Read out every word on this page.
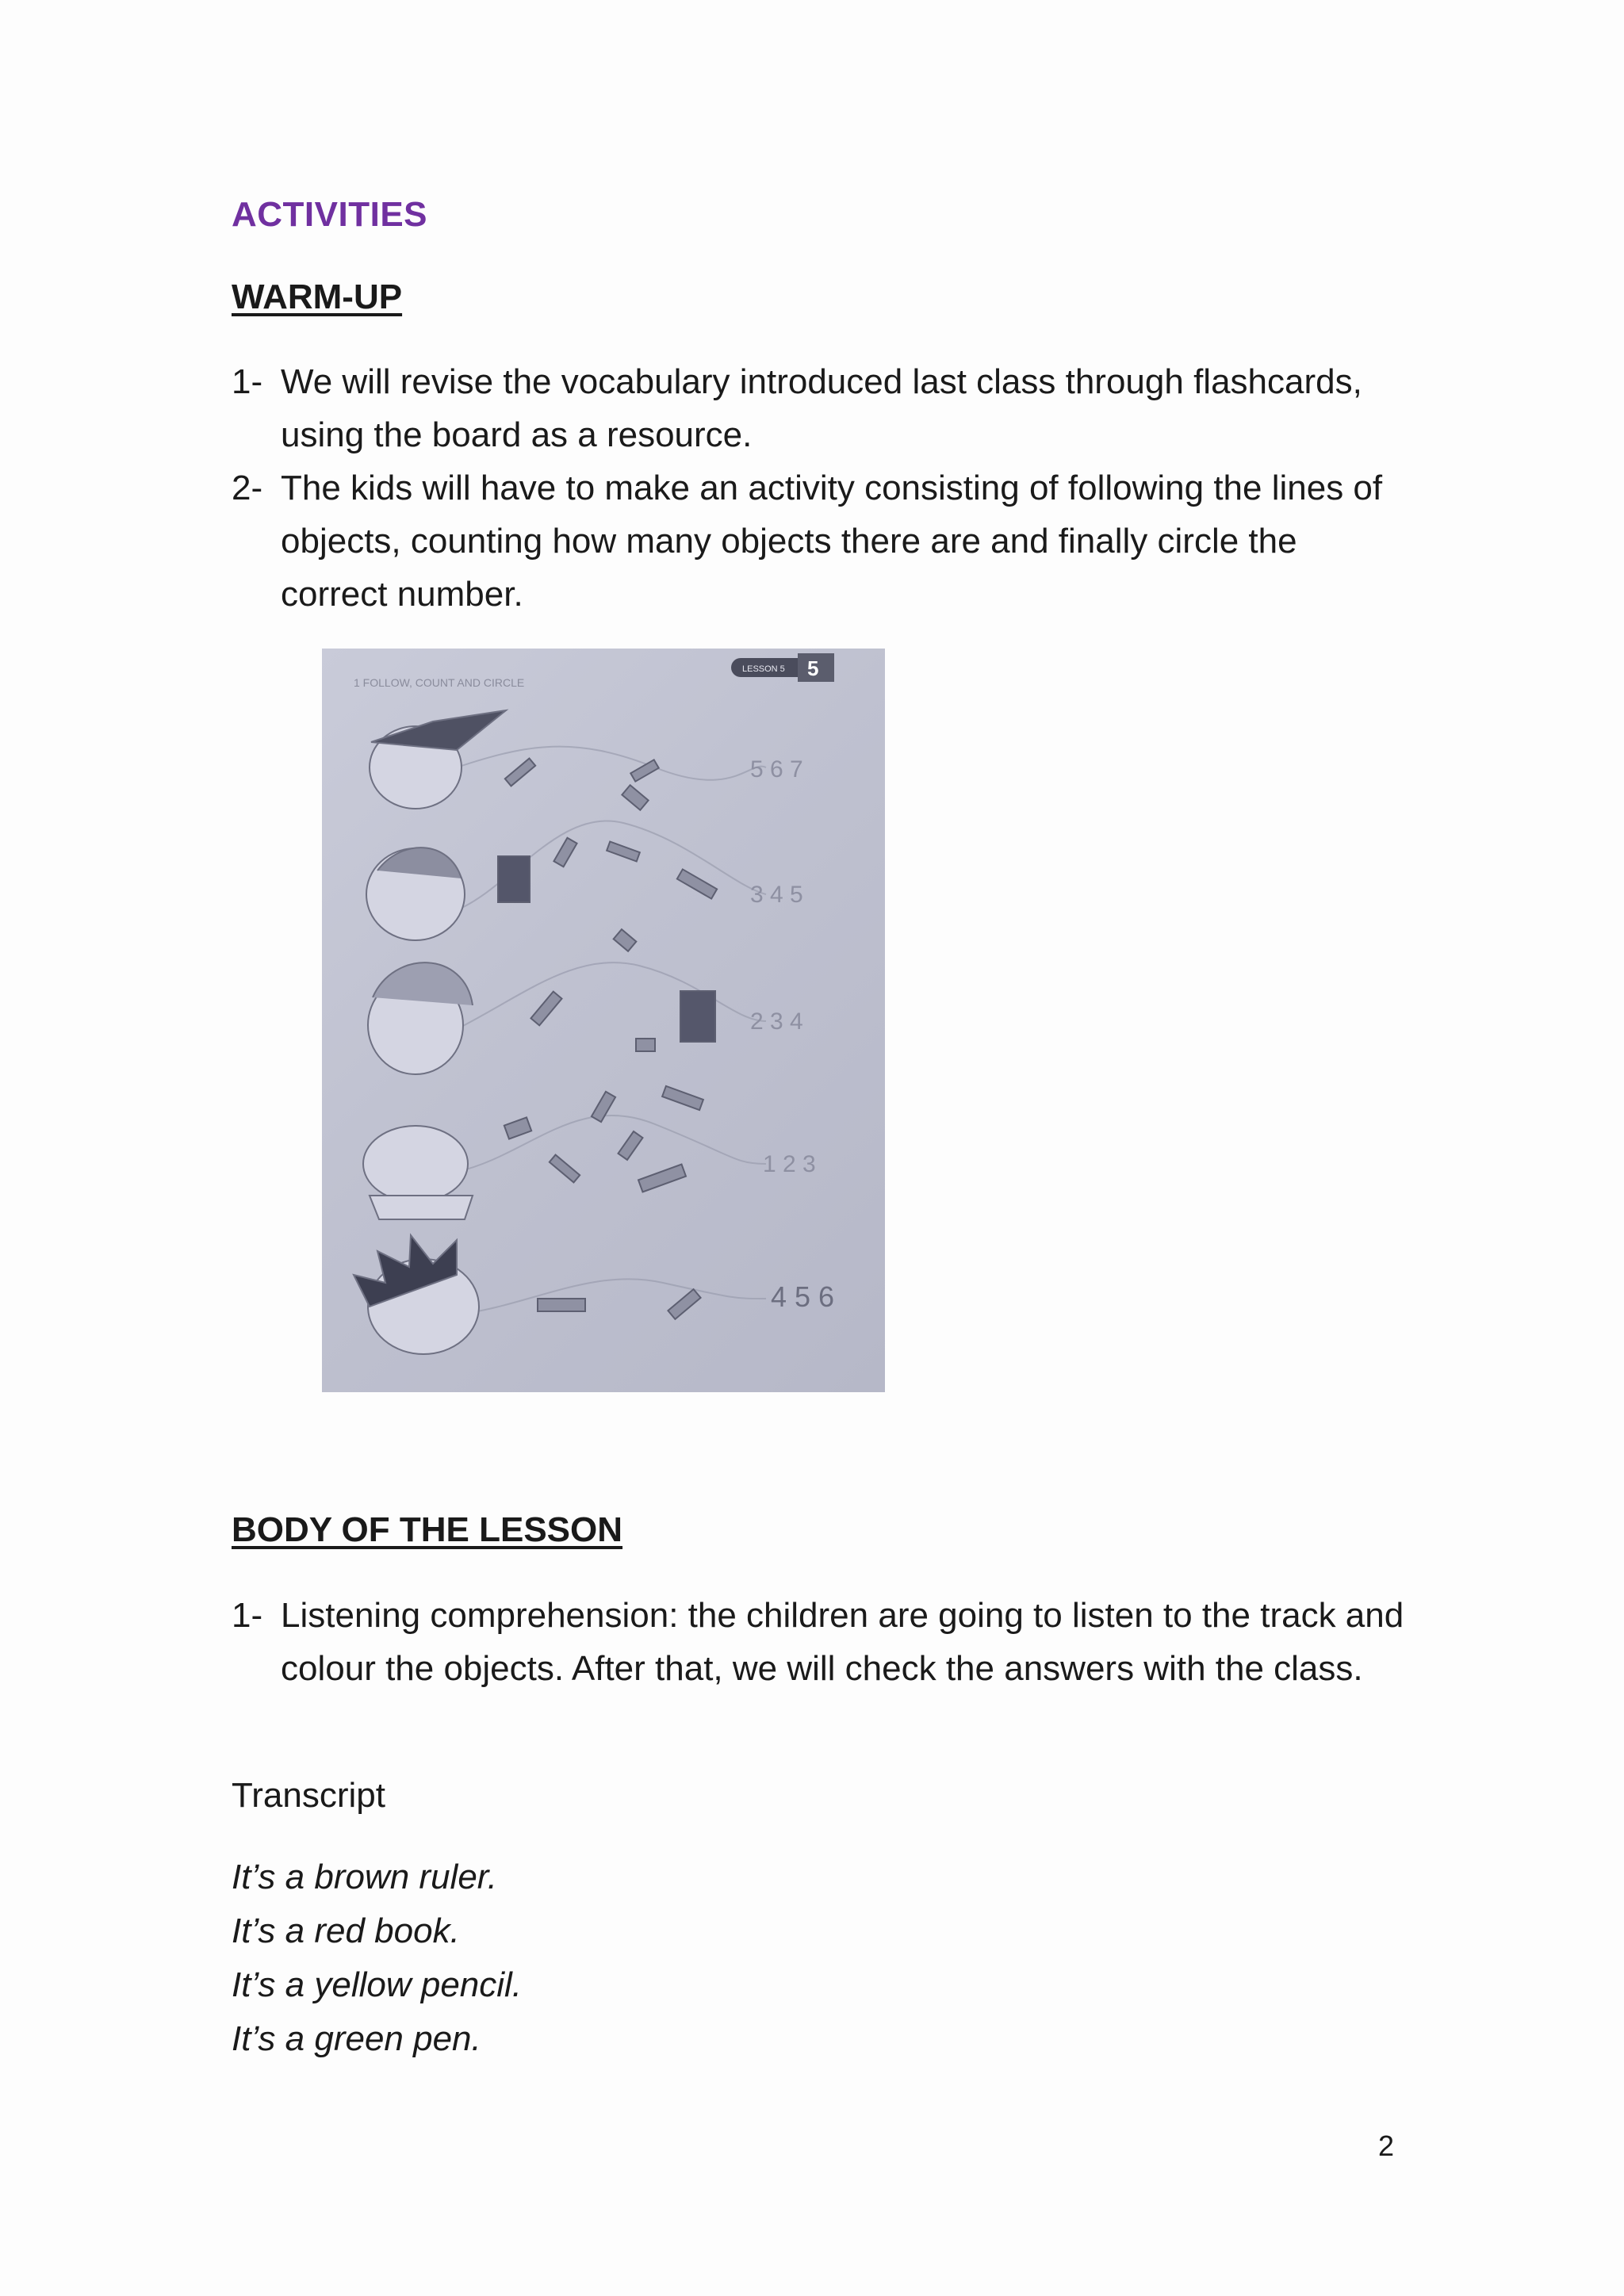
ACTIVITIES
WARM-UP
1- We will revise the vocabulary introduced last class through flashcards, using the board as a resource.
2- The kids will have to make an activity consisting of following the lines of objects, counting how many objects there are and finally circle the correct number.
1 FOLLOW, COUNT AND CIRCLE
LESSON 5 5
5 6 7
3 4 5
2 3 4
1 2 3
4 5 6
BODY OF THE LESSON
1- Listening comprehension: the children are going to listen to the track and colour the objects. After that, we will check the answers with the class.
Transcript
It’s a brown ruler.
It’s a red book.
It’s a yellow pencil.
It’s a green pen.
2
